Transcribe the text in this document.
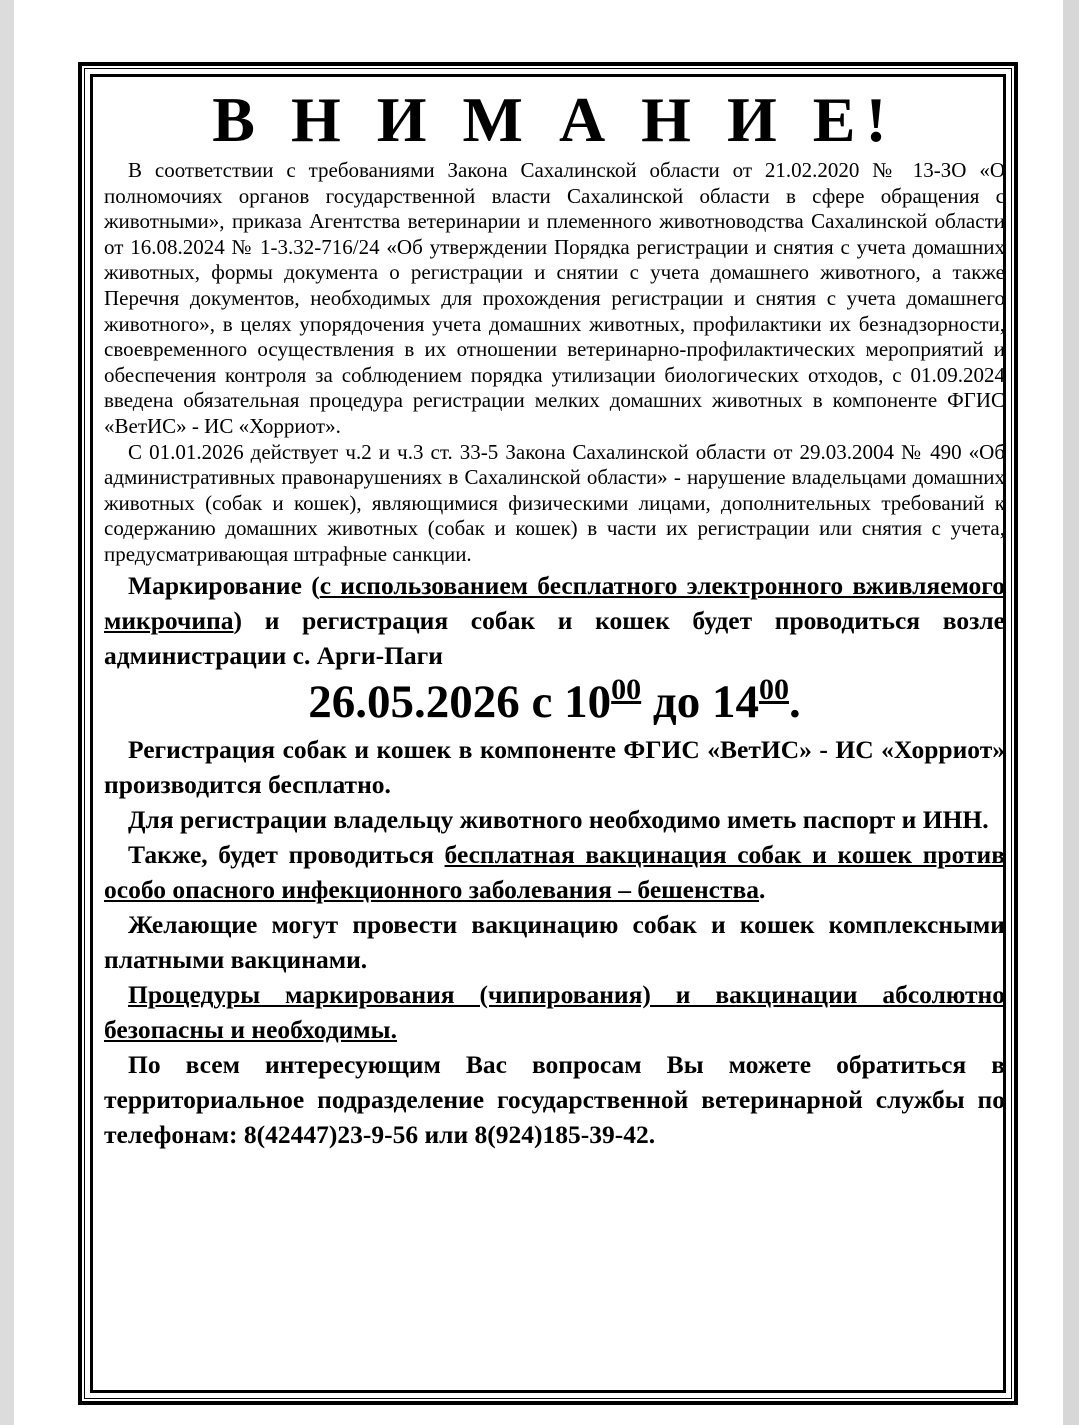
В Н И М А Н И Е!

В соответствии с требованиями Закона Сахалинской области от 21.02.2020 № 13-ЗО «О полномочиях органов государственной власти Сахалинской области в сфере обращения с животными», приказа Агентства ветеринарии и племенного животноводства Сахалинской области от 16.08.2024 № 1-3.32-716/24 «Об утверждении Порядка регистрации и снятия с учета домашних животных, формы документа о регистрации и снятии с учета домашнего животного, а также Перечня документов, необходимых для прохождения регистрации и снятия с учета домашнего животного», в целях упорядочения учета домашних животных, профилактики их безнадзорности, своевременного осуществления в их отношении ветеринарно-профилактических мероприятий и обеспечения контроля за соблюдением порядка утилизации биологических отходов, с 01.09.2024 введена обязательная процедура регистрации мелких домашних животных в компоненте ФГИС «ВетИС» - ИС «Хорриот».

С 01.01.2026 действует ч.2 и ч.3 ст. 33-5 Закона Сахалинской области от 29.03.2004 № 490 «Об административных правонарушениях в Сахалинской области» - нарушение владельцами домашних животных (собак и кошек), являющимися физическими лицами, дополнительных требований к содержанию домашних животных (собак и кошек) в части их регистрации или снятия с учета, предусматривающая штрафные санкции.

Маркирование (с использованием бесплатного электронного вживляемого микрочипа) и регистрация собак и кошек будет проводиться возле администрации с. Арги-Паги

26.05.2026 с $10^{00}$ до $14^{00}$.

Регистрация собак и кошек в компоненте ФГИС «ВетИС» - ИС «Хорриот» производится бесплатно.

Для регистрации владельцу животного необходимо иметь паспорт и ИНН.

Также, будет проводиться бесплатная вакцинация собак и кошек против особо опасного инфекционного заболевания – бешенства.

Желающие могут провести вакцинацию собак и кошек комплексными платными вакцинами.

Процедуры маркирования (чипирования) и вакцинации абсолютно безопасны и необходимы.

По всем интересующим Вас вопросам Вы можете обратиться в территориальное подразделение государственной ветеринарной службы по телефонам: 8(42447)23-9-56 или 8(924)185-39-42.
